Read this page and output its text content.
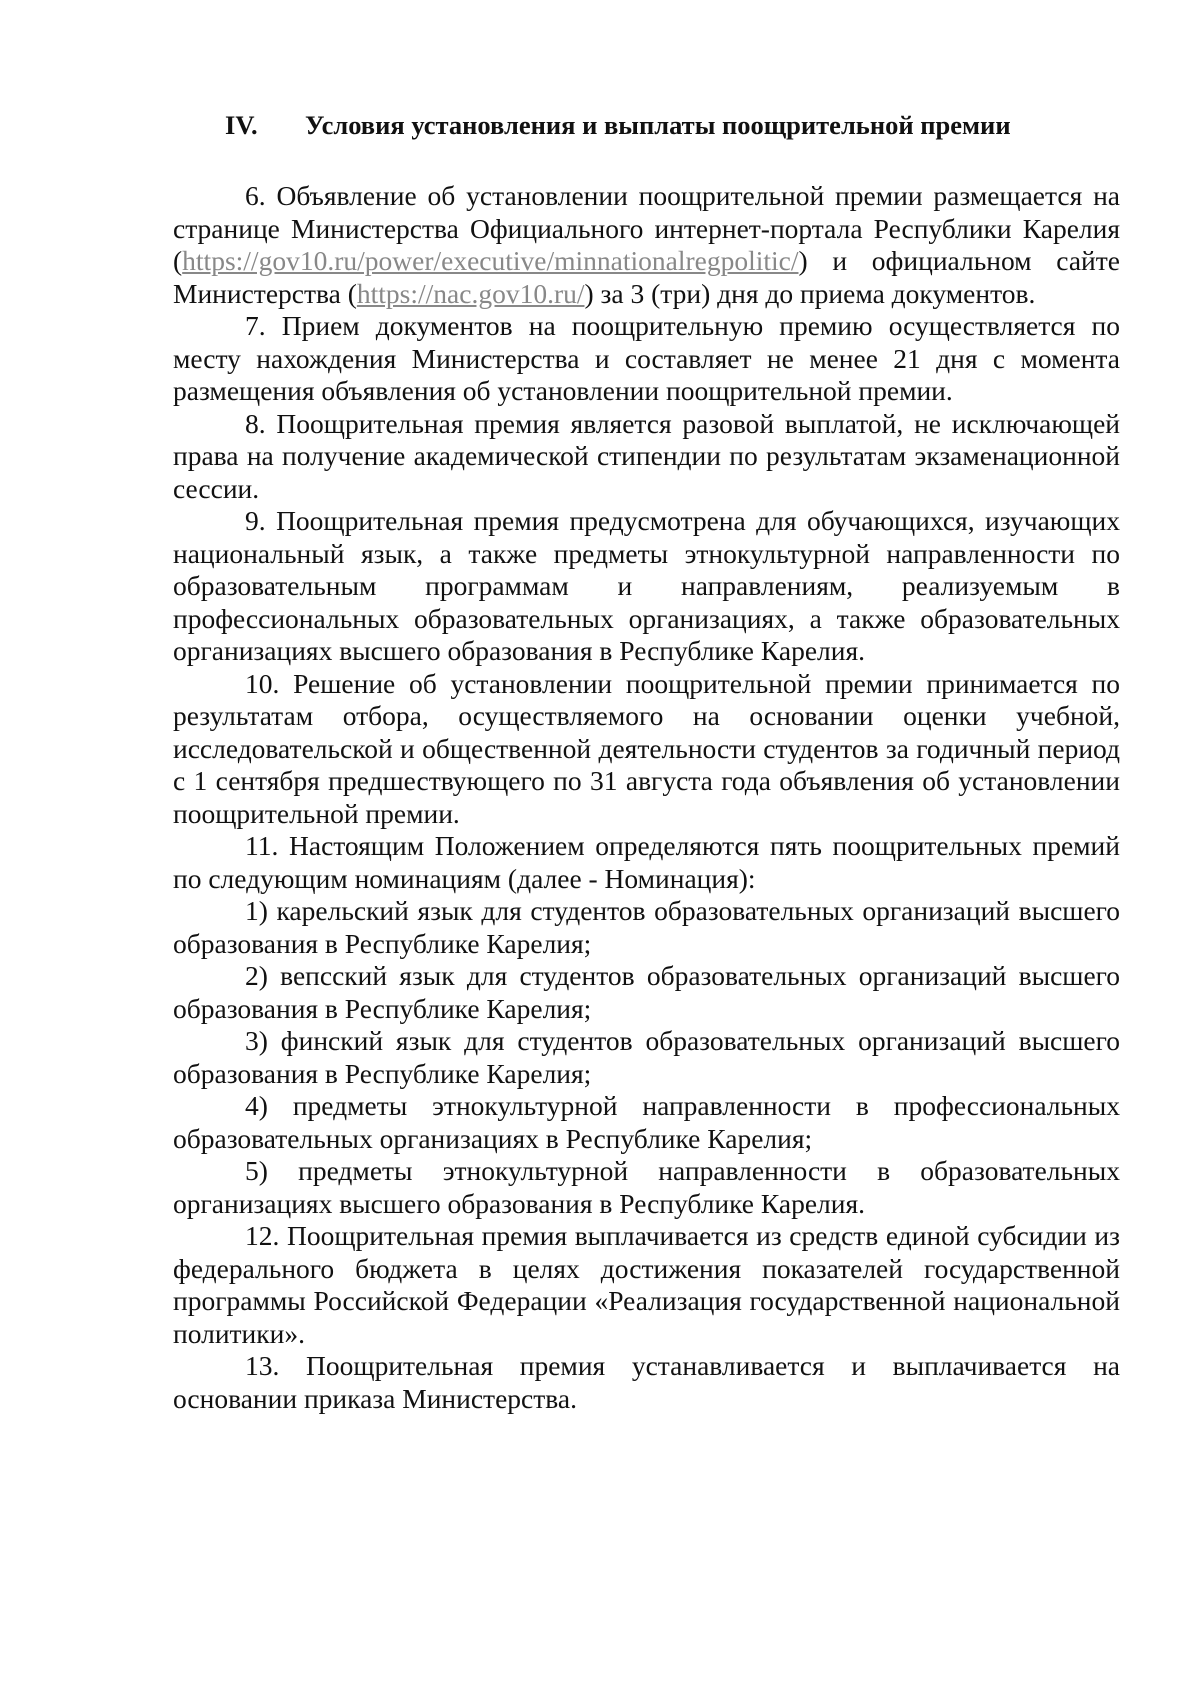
IV. Условия установления и выплаты поощрительной премии

6. Объявление об установлении поощрительной премии размещается на странице Министерства Официального интернет-портала Республики Карелия (https://gov10.ru/power/executive/minnationalregpolitic/) и официальном сайте Министерства (https://nac.gov10.ru/) за 3 (три) дня до приема документов.

7. Прием документов на поощрительную премию осуществляется по месту нахождения Министерства и составляет не менее 21 дня с момента размещения объявления об установлении поощрительной премии.

8. Поощрительная премия является разовой выплатой, не исключающей права на получение академической стипендии по результатам экзаменационной сессии.

9. Поощрительная премия предусмотрена для обучающихся, изучающих национальный язык, а также предметы этнокультурной направленности по образовательным программам и направлениям, реализуемым в профессиональных образовательных организациях, а также образовательных организациях высшего образования в Республике Карелия.

10. Решение об установлении поощрительной премии принимается по результатам отбора, осуществляемого на основании оценки учебной, исследовательской и общественной деятельности студентов за годичный период с 1 сентября предшествующего по 31 августа года объявления об установлении поощрительной премии.

11. Настоящим Положением определяются пять поощрительных премий по следующим номинациям (далее - Номинация):

1) карельский язык для студентов образовательных организаций высшего образования в Республике Карелия;

2) вепсский язык для студентов образовательных организаций высшего образования в Республике Карелия;

3) финский язык для студентов образовательных организаций высшего образования в Республике Карелия;

4) предметы этнокультурной направленности в профессиональных образовательных организациях в Республике Карелия;

5) предметы этнокультурной направленности в образовательных организациях высшего образования в Республике Карелия.

12. Поощрительная премия выплачивается из средств единой субсидии из федерального бюджета в целях достижения показателей государственной программы Российской Федерации «Реализация государственной национальной политики».

13. Поощрительная премия устанавливается и выплачивается на основании приказа Министерства.
